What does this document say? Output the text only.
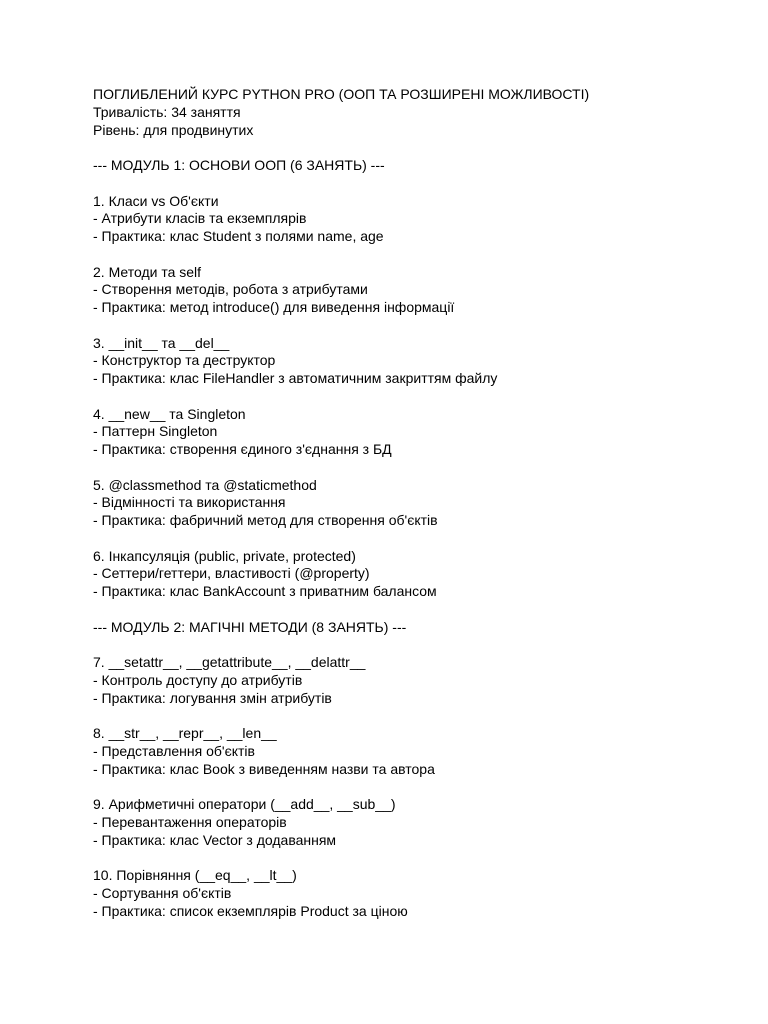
ПОГЛИБЛЕНИЙ КУРС PYTHON PRO (ООП ТА РОЗШИРЕНІ МОЖЛИВОСТІ)
Тривалість: 34 заняття
Рівень: для продвинутих
--- МОДУЛЬ 1: ОСНОВИ ООП (6 ЗАНЯТЬ) ---
1. Класи vs Об'єкти
- Атрибути класів та екземплярів
- Практика: клас Student з полями name, age
2. Методи та self
- Створення методів, робота з атрибутами
- Практика: метод introduce() для виведення інформації
3. __init__ та __del__
- Конструктор та деструктор
- Практика: клас FileHandler з автоматичним закриттям файлу
4. __new__ та Singleton
- Паттерн Singleton
- Практика: створення єдиного з'єднання з БД
5. @classmethod та @staticmethod
- Відмінності та використання
- Практика: фабричний метод для створення об'єктів
6. Інкапсуляція (public, private, protected)
- Сеттери/геттери, властивості (@property)
- Практика: клас BankAccount з приватним балансом
--- МОДУЛЬ 2: МАГІЧНІ МЕТОДИ (8 ЗАНЯТЬ) ---
7. __setattr__, __getattribute__, __delattr__
- Контроль доступу до атрибутів
- Практика: логування змін атрибутів
8. __str__, __repr__, __len__
- Представлення об'єктів
- Практика: клас Book з виведенням назви та автора
9. Арифметичні оператори (__add__, __sub__)
- Перевантаження операторів
- Практика: клас Vector з додаванням
10. Порівняння (__eq__, __lt__)
- Сортування об'єктів
- Практика: список екземплярів Product за ціною
